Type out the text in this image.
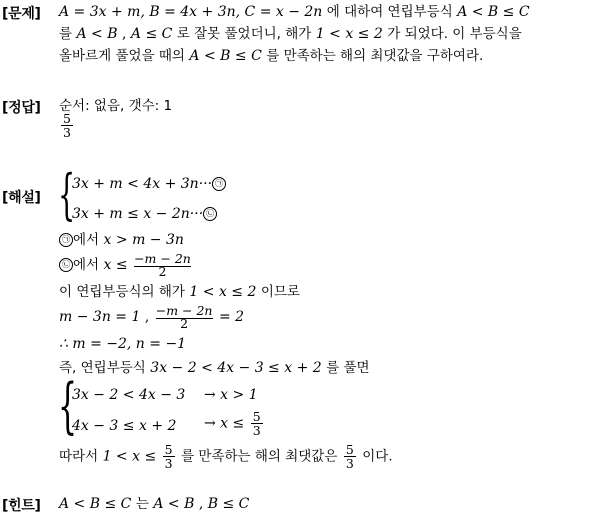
[문제] A = 3x + m, B = 4x + 3n, C = x − 2n 에 대하여 연립부등식 A < B ≤ C
를 A < B , A ≤ C 로 잘못 풀었더니, 해가 1 < x ≤ 2 가 되었다. 이 부등식을
올바르게 풀었을 때의 A < B ≤ C 를 만족하는 해의 최댓값을 구하여라.
[정답] 순서: 없음, 갯수: 1
$\frac{5}{3}$
[해설] {
3x + m < 4x + 3n··· ㉠
3x + m ≤ x − 2n··· ㉡
㉠ 에서 x > m − 3n
㉡ 에서 $x \le \frac{-m - 2n}{2}$
이 연립부등식의 해가 1 < x ≤ 2 이므로
m − 3n = 1 , $\frac{-m - 2n}{2} = 2$
∴ m = −2, n = −1
즉, 연립부등식 3x − 2 < 4x − 3 ≤ x + 2 를 풀면
{
3x − 2 < 4x − 3 → x > 1
$4x - 3 \le x + 2 \to x \le \frac{5}{3}$
따라서 $1 < x \le \frac{5}{3}$ 를 만족하는 해의 최댓값은 $\frac{5}{3}$ 이다.
[힌트] A < B ≤ C 는 A < B , B ≤ C
